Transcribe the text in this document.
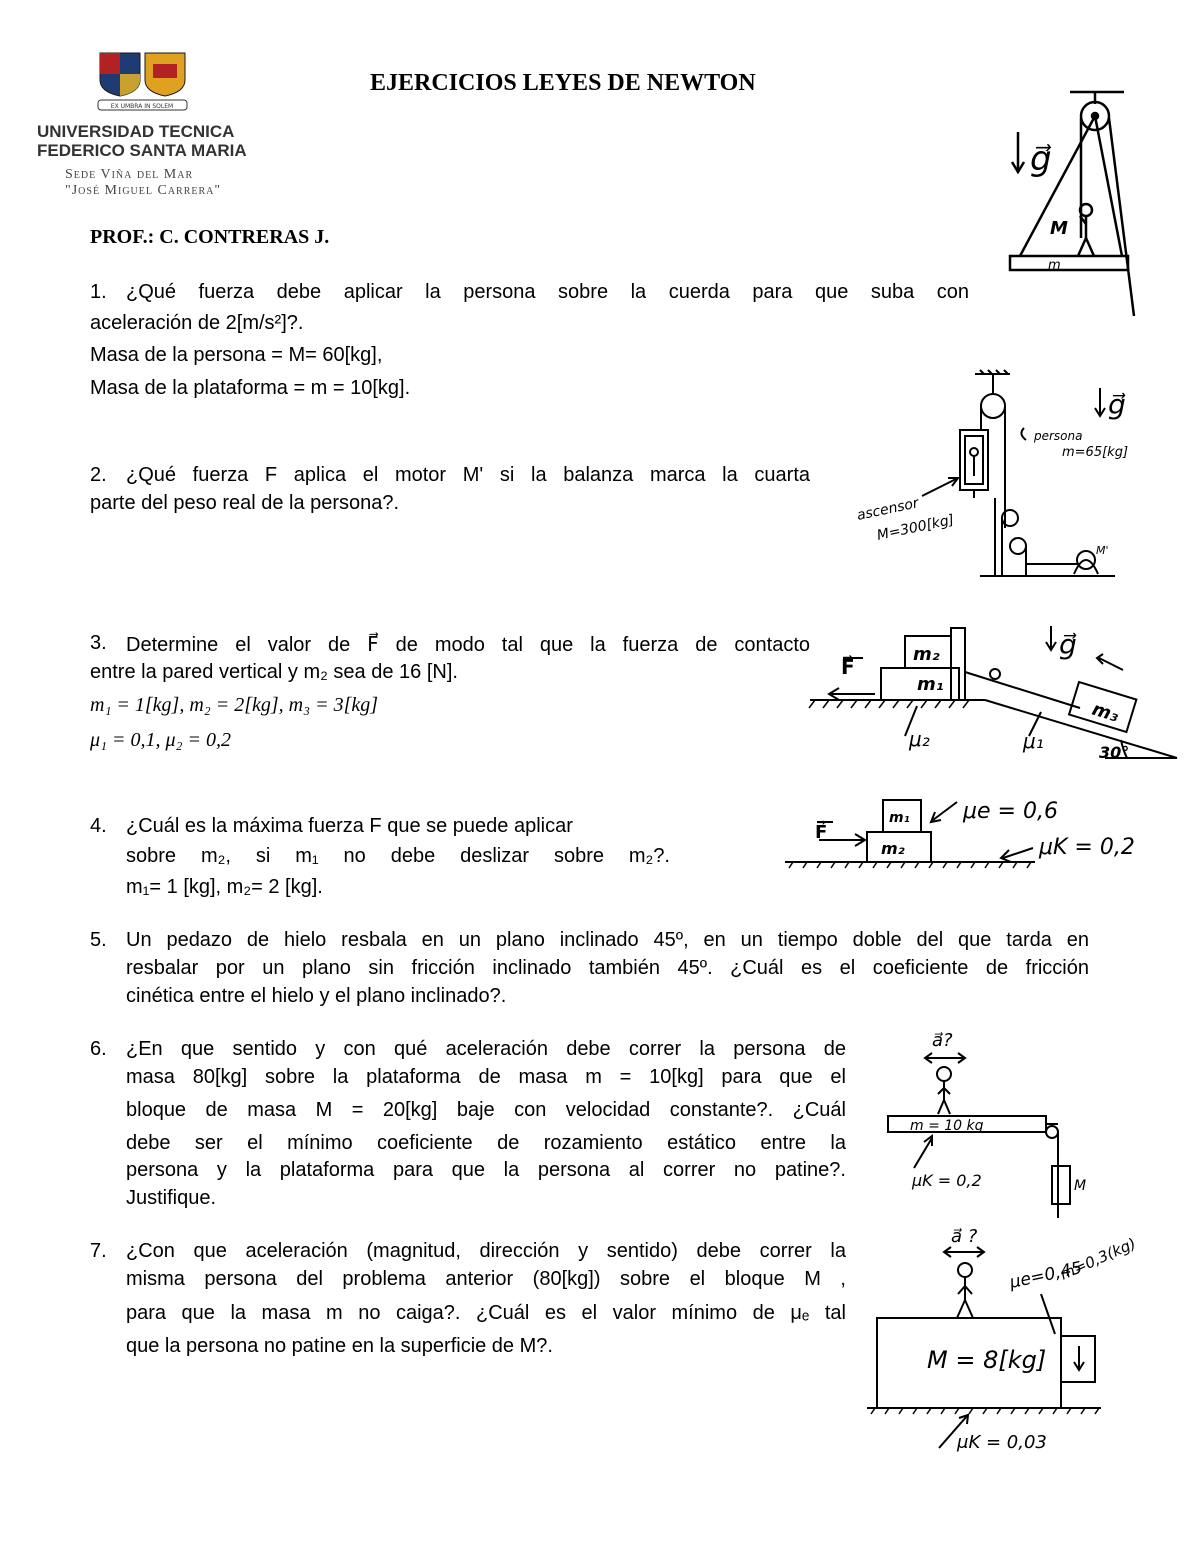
EX UMBRA IN SOLEM
UNIVERSIDAD TECNICA
FEDERICO SANTA MARIA
Sede Viña del Mar
"José Miguel Carrera"
EJERCICIOS LEYES DE NEWTON
PROF.: C. CONTRERAS J.
1. ¿Qué fuerza debe aplicar la persona sobre la cuerda para que suba con
aceleración de 2[m/s²]?.
Masa de la persona = M= 60[kg],
Masa de la plataforma = m = 10[kg].
2. ¿Qué fuerza F aplica el motor M' si la balanza marca la cuarta
parte del peso real de la persona?.
3. Determine el valor de F⃗ de modo tal que la fuerza de contacto
entre la pared vertical y m₂ sea de 16 [N].
m₁ = 1[kg], m₂ = 2[kg], m₃ = 3[kg]
μ₁ = 0,1, μ₂ = 0,2
4. ¿Cuál es la máxima fuerza F que se puede aplicar
sobre m₂, si m₁ no debe deslizar sobre m₂?.
m₁= 1 [kg], m₂= 2 [kg].
5. Un pedazo de hielo resbala en un plano inclinado 45º, en un tiempo doble del que tarda en
resbalar por un plano sin fricción inclinado también 45º. ¿Cuál es el coeficiente de fricción
cinética entre el hielo y el plano inclinado?.
6. ¿En que sentido y con qué aceleración debe correr la persona de
masa 80[kg] sobre la plataforma de masa m = 10[kg] para que el
bloque de masa M = 20[kg] baje con velocidad constante?. ¿Cuál
debe ser el mínimo coeficiente de rozamiento estático entre la
persona y la plataforma para que la persona al correr no patine?.
Justifique.
7. ¿Con que aceleración (magnitud, dirección y sentido) debe correr la
misma persona del problema anterior (80[kg]) sobre el bloque M ,
para que la masa m no caiga?. ¿Cuál es el valor mínimo de μₑ tal
que la persona no patine en la superficie de M?.
g⃗
M
m
g⃗
persona
m=65[kg]
ascensor
M=300[kg]
M'
F⃗
m₂
m₁
m₃
g⃗
μ₂	μ₁	30°
F⃗
m₁
m₂
μe = 0,6
μK = 0,2
a⃗?
m = 10 kg
M
μK = 0,2
a⃗ ?
M = 8[kg]
μe=0,45
m=0,3(kg)
μK = 0,03
